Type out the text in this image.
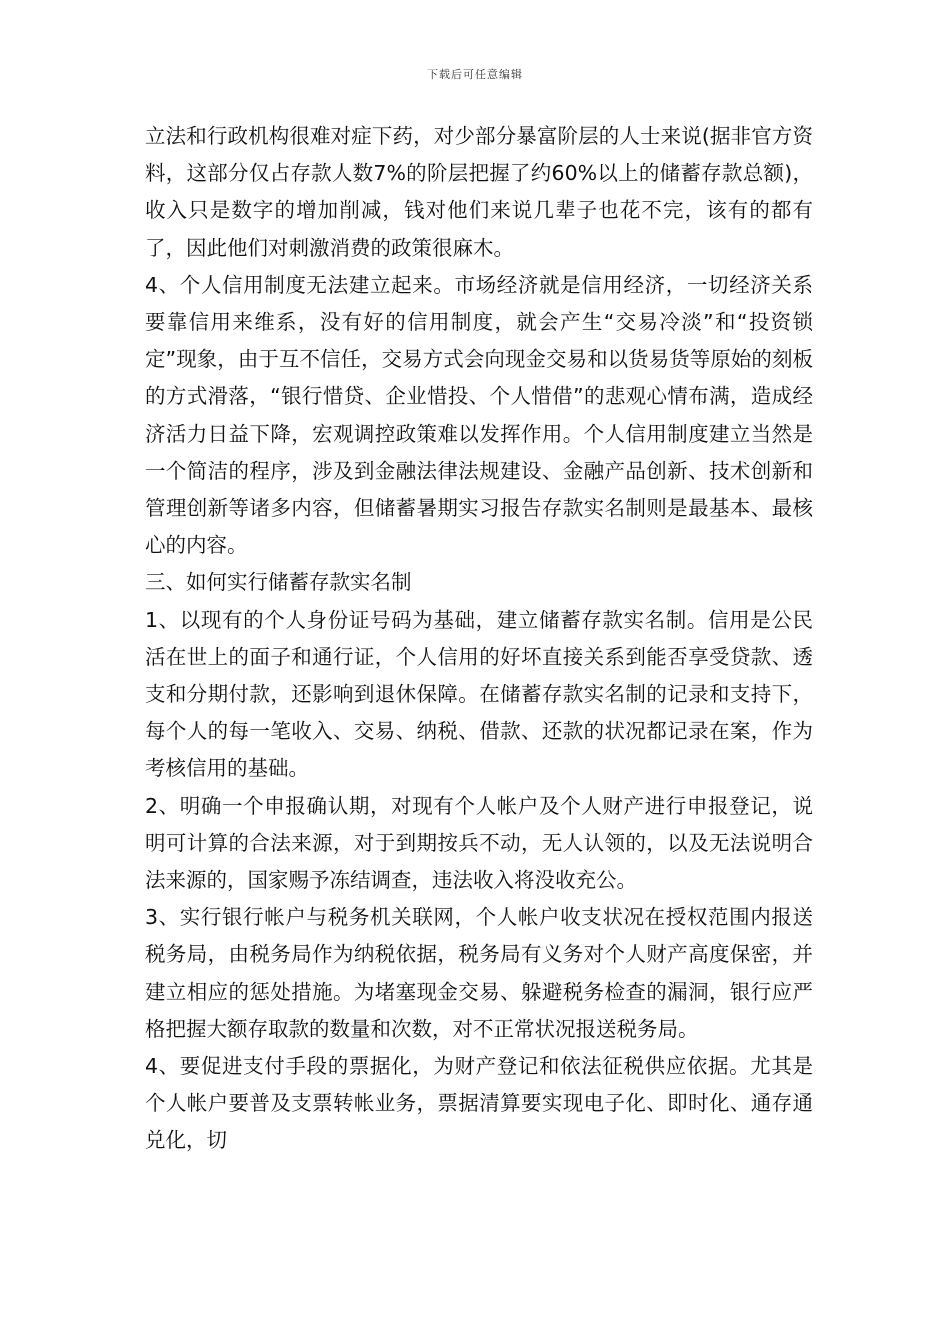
下载后可任意编辑

立法和行政机构很难对症下药，对少部分暴富阶层的人士来说(据非官方资料，这部分仅占存款人数7%的阶层把握了约60%以上的储蓄存款总额)，收入只是数字的增加削减，钱对他们来说几辈子也花不完，该有的都有了，因此他们对刺激消费的政策很麻木。

4、个人信用制度无法建立起来。市场经济就是信用经济，一切经济关系要靠信用来维系，没有好的信用制度，就会产生“交易冷淡”和“投资锁定”现象，由于互不信任，交易方式会向现金交易和以货易货等原始的刻板的方式滑落，“银行惜贷、企业惜投、个人惜借”的悲观心情布满，造成经济活力日益下降，宏观调控政策难以发挥作用。个人信用制度建立当然是一个简洁的程序，涉及到金融法律法规建设、金融产品创新、技术创新和管理创新等诸多内容，但储蓄暑期实习报告存款实名制则是最基本、最核心的内容。

三、如何实行储蓄存款实名制

1、以现有的个人身份证号码为基础，建立储蓄存款实名制。信用是公民活在世上的面子和通行证，个人信用的好坏直接关系到能否享受贷款、透支和分期付款，还影响到退休保障。在储蓄存款实名制的记录和支持下，每个人的每一笔收入、交易、纳税、借款、还款的状况都记录在案，作为考核信用的基础。

2、明确一个申报确认期，对现有个人帐户及个人财产进行申报登记，说明可计算的合法来源，对于到期按兵不动，无人认领的，以及无法说明合法来源的，国家赐予冻结调查，违法收入将没收充公。

3、实行银行帐户与税务机关联网，个人帐户收支状况在授权范围内报送税务局，由税务局作为纳税依据，税务局有义务对个人财产高度保密，并建立相应的惩处措施。为堵塞现金交易、躲避税务检查的漏洞，银行应严格把握大额存取款的数量和次数，对不正常状况报送税务局。

4、要促进支付手段的票据化，为财产登记和依法征税供应依据。尤其是个人帐户要普及支票转帐业务，票据清算要实现电子化、即时化、通存通兑化，切
